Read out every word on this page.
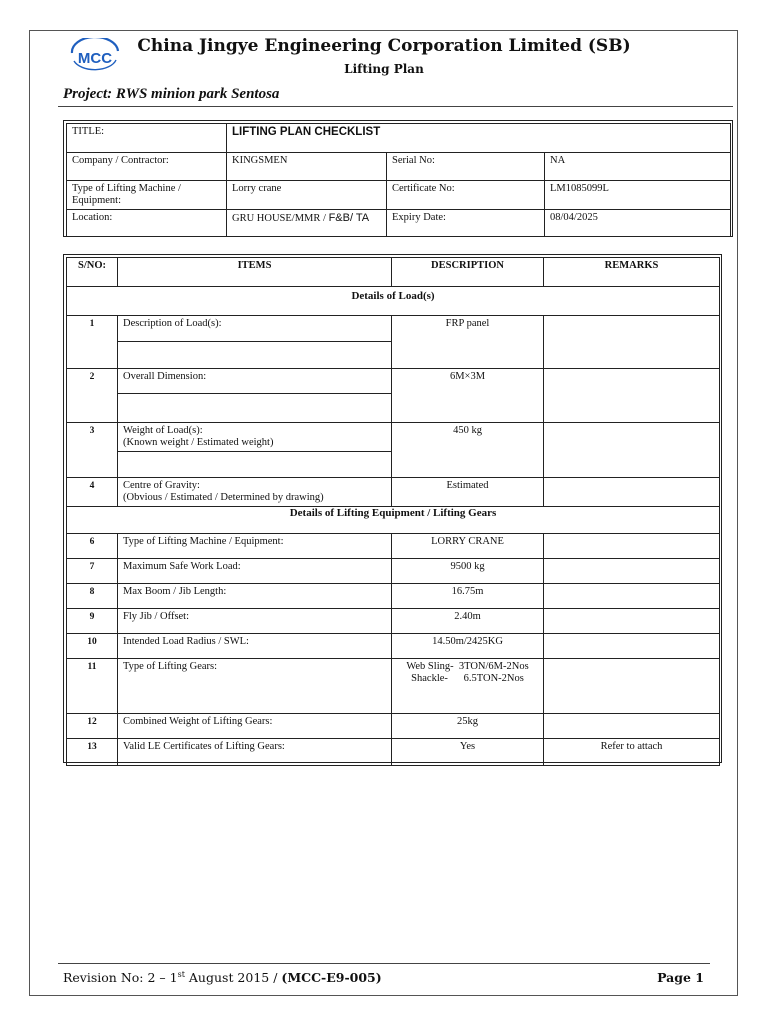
MCC
China Jingye Engineering Corporation Limited (SB)
Lifting Plan
Project: RWS minion park Sentosa
TITLE:	LIFTING PLAN CHECKLIST		
Company / Contractor:	KINGSMEN	Serial No:	NA
Type of Lifting Machine / Equipment:	Lorry crane	Certificate No:	LM1085099L
Location:	GRU HOUSE/MMR / F&B/ TA	Expiry Date:	08/04/2025
S/NO:	ITEMS	DESCRIPTION	REMARKS
Details of Load(s)			
1	Description of Load(s):	FRP panel	

2	Overall Dimension:	6M×3M	

3	Weight of Load(s):
(Known weight / Estimated weight)	450 kg	

4	Centre of Gravity:
(Obvious / Estimated / Determined by drawing)	Estimated	
Details of Lifting Equipment / Lifting Gears			
6	Type of Lifting Machine / Equipment:	LORRY CRANE	
7	Maximum Safe Work Load:	9500 kg	
8	Max Boom / Jib Length:	16.75m	
9	Fly Jib / Offset:	2.40m	
10	Intended Load Radius / SWL:	14.50m/2425KG	
11	Type of Lifting Gears:	Web Sling-  3TON/6M-2Nos
Shackle-      6.5TON-2Nos	

12	Combined Weight of Lifting Gears:	25kg	
13	Valid LE Certificates of Lifting Gears:	Yes	Refer to attach
Revision No: 2 – 1st August 2015 / (MCC-E9-005)	Page 1
